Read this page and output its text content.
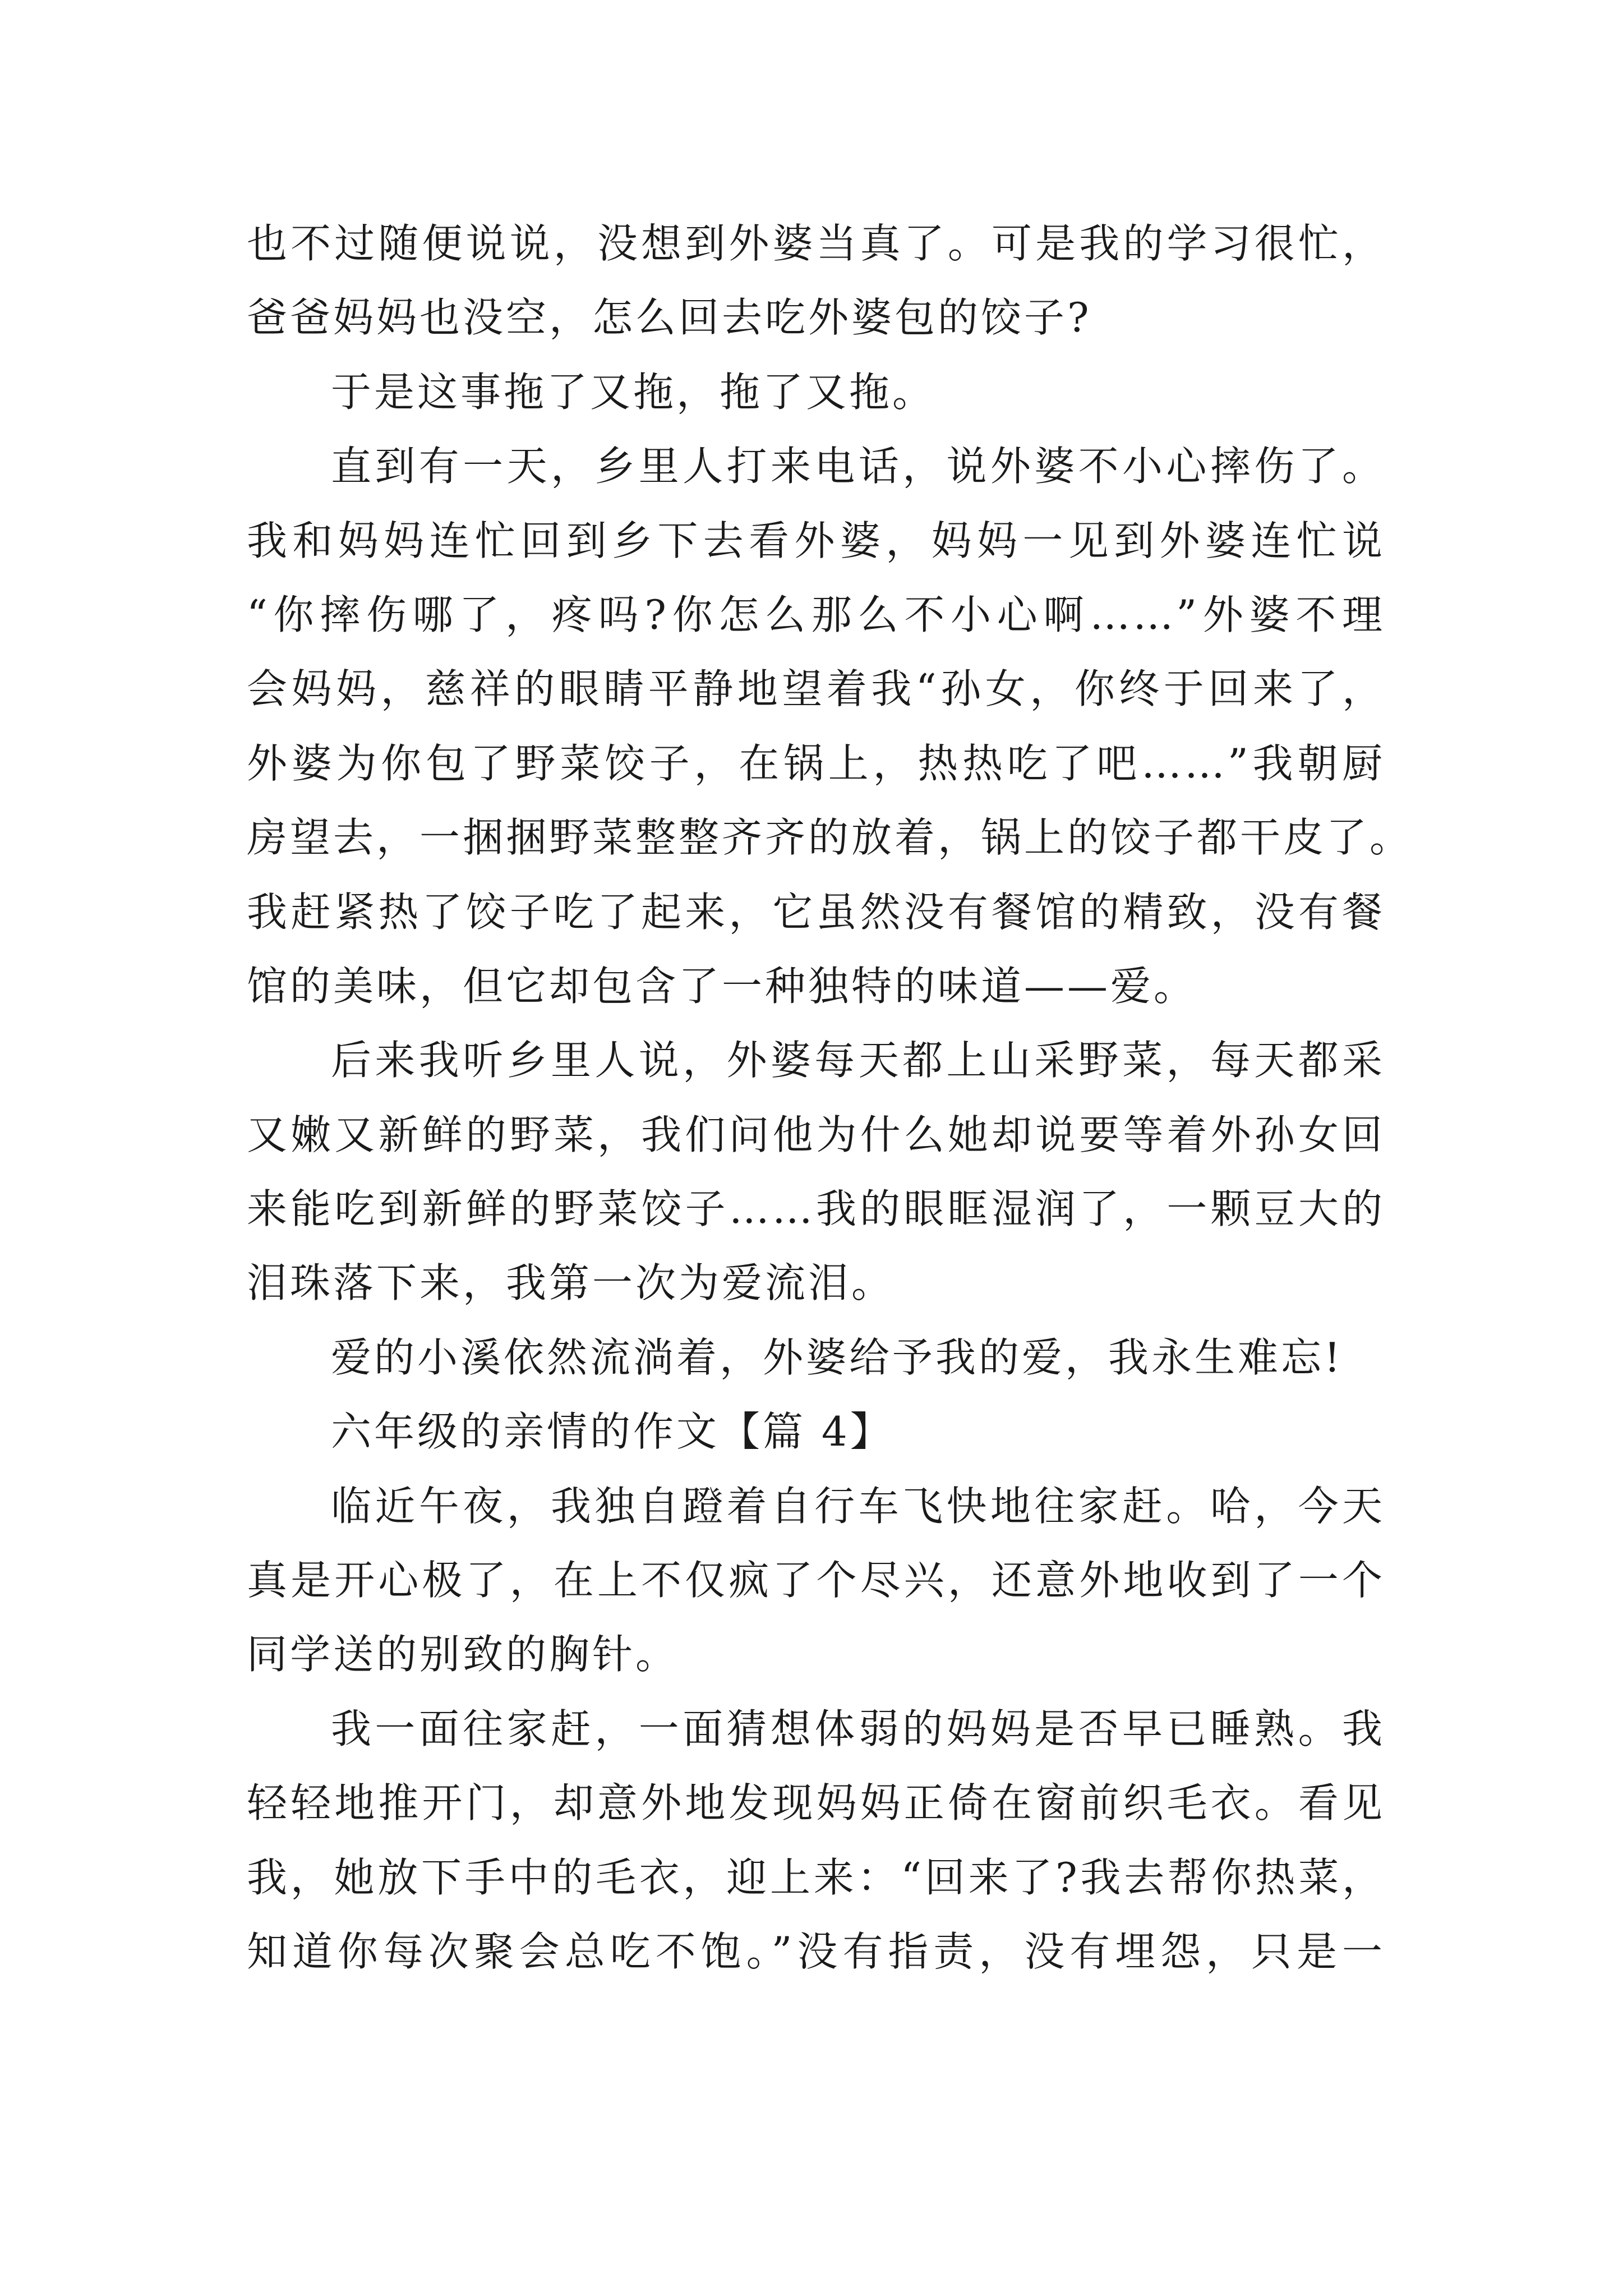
也不过随便说说，没想到外婆当真了。可是我的学习很忙，
爸爸妈妈也没空，怎么回去吃外婆包的饺子?
于是这事拖了又拖，拖了又拖。
直到有一天，乡里人打来电话，说外婆不小心摔伤了。
我和妈妈连忙回到乡下去看外婆，妈妈一见到外婆连忙说
“你摔伤哪了，疼吗?你怎么那么不小心啊……”外婆不理
会妈妈，慈祥的眼睛平静地望着我“孙女，你终于回来了，
外婆为你包了野菜饺子，在锅上，热热吃了吧……”我朝厨
房望去，一捆捆野菜整整齐齐的放着，锅上的饺子都干皮了。
我赶紧热了饺子吃了起来，它虽然没有餐馆的精致，没有餐
馆的美味，但它却包含了一种独特的味道——爱。
后来我听乡里人说，外婆每天都上山采野菜，每天都采
又嫩又新鲜的野菜，我们问他为什么她却说要等着外孙女回
来能吃到新鲜的野菜饺子……我的眼眶湿润了，一颗豆大的
泪珠落下来，我第一次为爱流泪。
爱的小溪依然流淌着，外婆给予我的爱，我永生难忘!
六年级的亲情的作文【篇 4】
临近午夜，我独自蹬着自行车飞快地往家赶。哈，今天
真是开心极了，在上不仅疯了个尽兴，还意外地收到了一个
同学送的别致的胸针。
我一面往家赶，一面猜想体弱的妈妈是否早已睡熟。我
轻轻地推开门，却意外地发现妈妈正倚在窗前织毛衣。看见
我，她放下手中的毛衣，迎上来：“回来了?我去帮你热菜，
知道你每次聚会总吃不饱。”没有指责，没有埋怨，只是一
